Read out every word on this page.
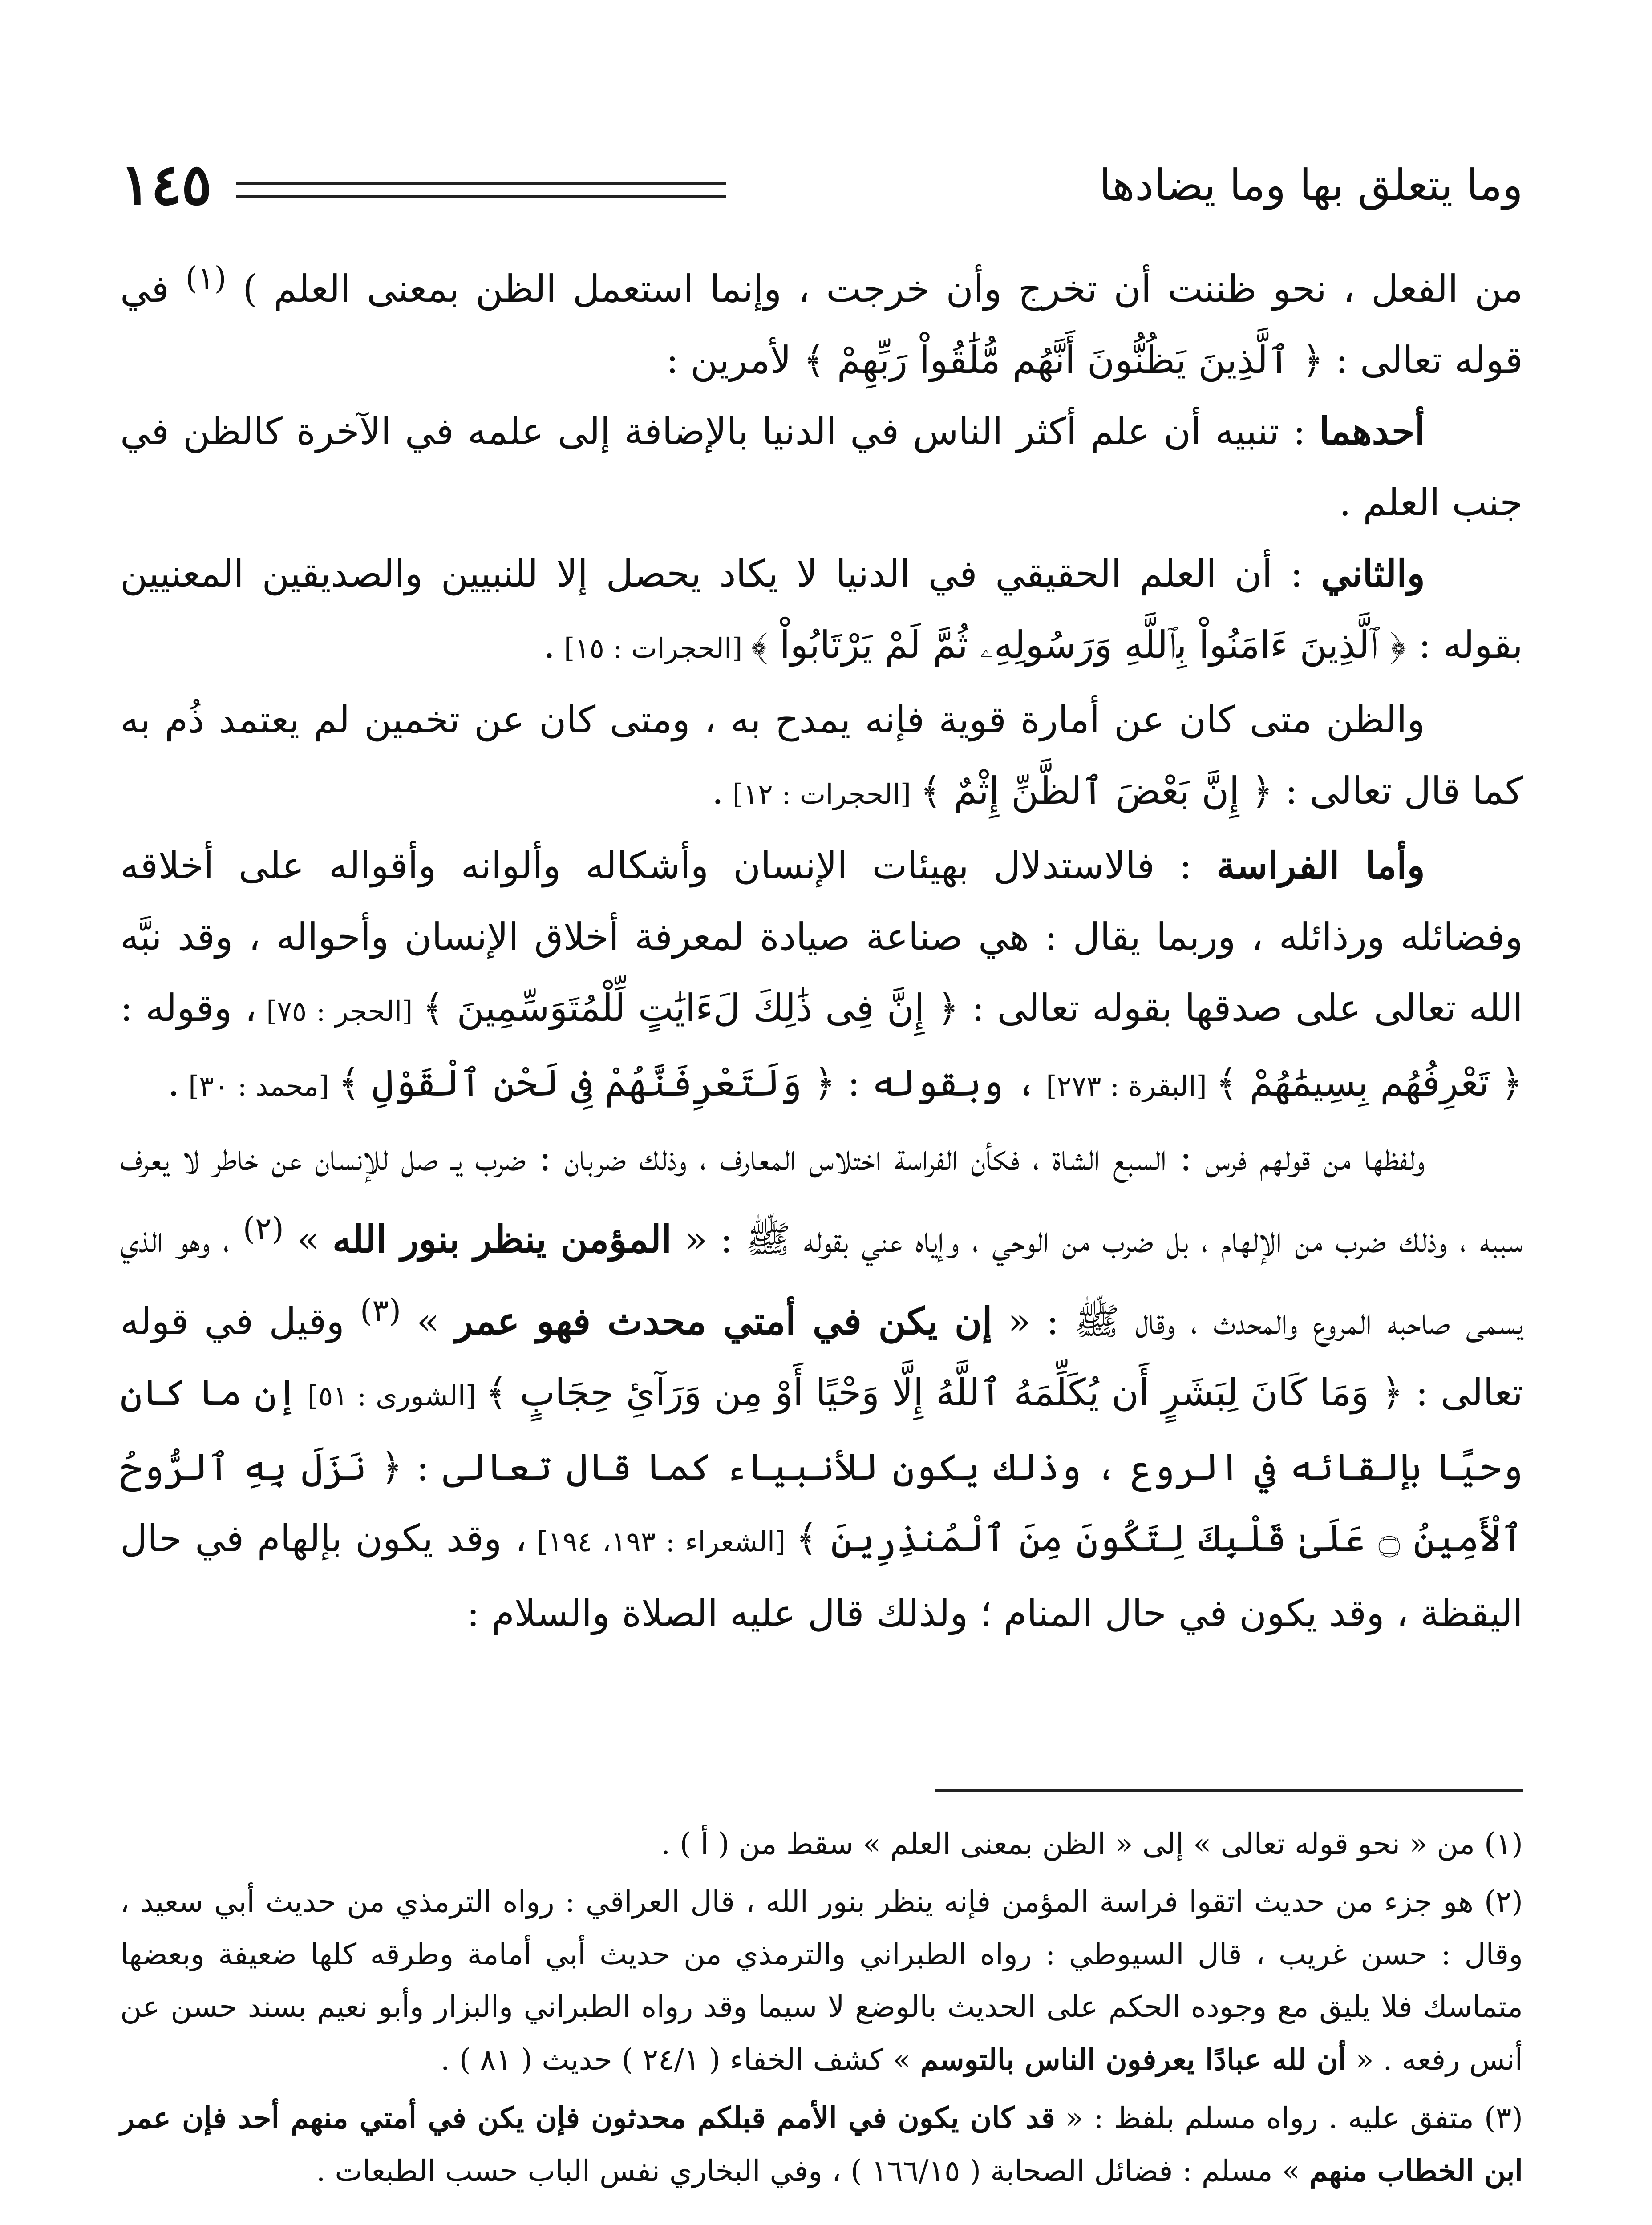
وما يتعلق بها وما يضادها
١٤٥

من الفعل ، نحو ظننت أن تخرج وأن خرجت ، وإنما استعمل الظن بمعنى العلم ) $^{(١)}$ في قوله تعالى : ﴿ ٱلَّذِينَ يَظُنُّونَ أَنَّهُم مُّلَٰقُواْ رَبِّهِمْ ﴾ لأمرين :

أحدهما : تنبيه أن علم أكثر الناس في الدنيا بالإضافة إلى علمه في الآخرة كالظن في جنب العلم .

والثاني : أن العلم الحقيقي في الدنيا لا يكاد يحصل إلا للنبيين والصديقين المعنيين بقوله : ﴿ ٱلَّذِينَ ءَامَنُواْ بِٱللَّهِ وَرَسُولِهِۦ ثُمَّ لَمْ يَرْتَابُواْ ﴾ [الحجرات : ١٥] .

والظن متى كان عن أمارة قوية فإنه يمدح به ، ومتى كان عن تخمين لم يعتمد ذُم به كما قال تعالى : ﴿ إِنَّ بَعْضَ ٱلظَّنِّ إِثْمٌ ﴾ [الحجرات : ١٢] .

وأما الفراسة : فالاستدلال بهيئات الإنسان وأشكاله وألوانه وأقواله على أخلاقه وفضائله ورذائله ، وربما يقال : هي صناعة صيادة لمعرفة أخلاق الإنسان وأحواله ، وقد نبَّه الله تعالى على صدقها بقوله تعالى : ﴿ إِنَّ فِى ذَٰلِكَ لَءَايَٰتٍ لِّلْمُتَوَسِّمِينَ ﴾ [الحجر : ٧٥] ، وقوله : ﴿ تَعْرِفُهُم بِسِيمَٰهُمْ ﴾ [البقرة : ٢٧٣] ، وبقوله : ﴿ وَلَتَعْرِفَنَّهُمْ فِى لَحْنِ ٱلْقَوْلِ ﴾ [محمد : ٣٠] .

ولفظها من قولهم فرس : السبع الشاة ، فكأن الفراسة اختلاس المعارف ، وذلك ضربان : ضرب يـ صل للإنسان عن خاطر لا يعرف سببه ، وذلك ضرب من الإلهام ، بل ضرب من الوحي ، وإياه عني بقوله ﷺ : « المؤمن ينظر بنور الله » $^{(٢)}$ ، وهو الذي يسمى صاحبه المروع والمحدث ، وقال ﷺ : « إن يكن في أمتي محدث فهو عمر » $^{(٣)}$ وقيل في قوله تعالى : ﴿ وَمَا كَانَ لِبَشَرٍ أَن يُكَلِّمَهُ ٱللَّهُ إِلَّا وَحْيًا أَوْ مِن وَرَآئِ حِجَابٍ ﴾ [الشورى : ٥١] إن ما كان وحيًا بإلقائه في الروع ، وذلك يكون للأنبياء كما قال تعالى : ﴿ نَزَلَ بِهِ ٱلرُّوحُ ٱلْأَمِينُ ۝ عَلَىٰ قَلْبِكَ لِتَكُونَ مِنَ ٱلْمُنذِرِينَ ﴾ [الشعراء : ١٩٣، ١٩٤] ، وقد يكون بإلهام في حال اليقظة ، وقد يكون في حال المنام ؛ ولذلك قال عليه الصلاة والسلام :

(١) من « نحو قوله تعالى » إلى « الظن بمعنى العلم » سقط من ( أ ) .

(٢) هو جزء من حديث اتقوا فراسة المؤمن فإنه ينظر بنور الله ، قال العراقي : رواه الترمذي من حديث أبي سعيد ، وقال : حسن غريب ، قال السيوطي : رواه الطبراني والترمذي من حديث أبي أمامة وطرقه كلها ضعيفة وبعضها متماسك فلا يليق مع وجوده الحكم على الحديث بالوضع لا سيما وقد رواه الطبراني والبزار وأبو نعيم بسند حسن عن أنس رفعه . « أن لله عبادًا يعرفون الناس بالتوسم » كشف الخفاء ( ٢٤/١ ) حديث ( ٨١ ) .

(٣) متفق عليه . رواه مسلم بلفظ : « قد كان يكون في الأمم قبلكم محدثون فإن يكن في أمتي منهم أحد فإن عمر ابن الخطاب منهم » مسلم : فضائل الصحابة ( ١٦٦/١٥ ) ، وفي البخاري نفس الباب حسب الطبعات .
